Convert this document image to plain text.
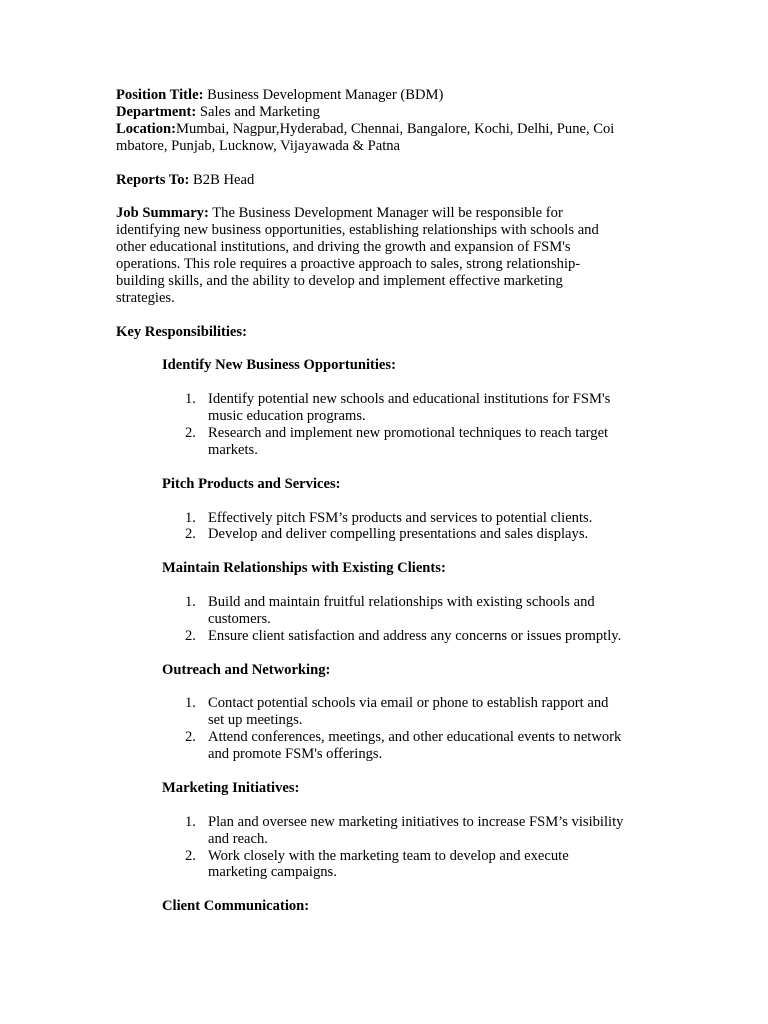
Position Title: Business Development Manager (BDM)

Department: Sales and Marketing

Location:Mumbai, Nagpur,Hyderabad, Chennai, Bangalore, Kochi, Delhi, Pune, Coi

mbatore, Punjab, Lucknow, Vijayawada & Patna

Reports To: B2B Head

Job Summary: The Business Development Manager will be responsible for

identifying new business opportunities, establishing relationships with schools and

other educational institutions, and driving the growth and expansion of FSM's

operations. This role requires a proactive approach to sales, strong relationship-

building skills, and the ability to develop and implement effective marketing

strategies.

Key Responsibilities:

Identify New Business Opportunities:

1. Identify potential new schools and educational institutions for FSM's

music education programs.

2. Research and implement new promotional techniques to reach target

markets.

Pitch Products and Services:

1. Effectively pitch FSM’s products and services to potential clients.

2. Develop and deliver compelling presentations and sales displays.

Maintain Relationships with Existing Clients:

1. Build and maintain fruitful relationships with existing schools and

customers.

2. Ensure client satisfaction and address any concerns or issues promptly.

Outreach and Networking:

1. Contact potential schools via email or phone to establish rapport and

set up meetings.

2. Attend conferences, meetings, and other educational events to network

and promote FSM's offerings.

Marketing Initiatives:

1. Plan and oversee new marketing initiatives to increase FSM’s visibility

and reach.

2. Work closely with the marketing team to develop and execute

marketing campaigns.

Client Communication:
